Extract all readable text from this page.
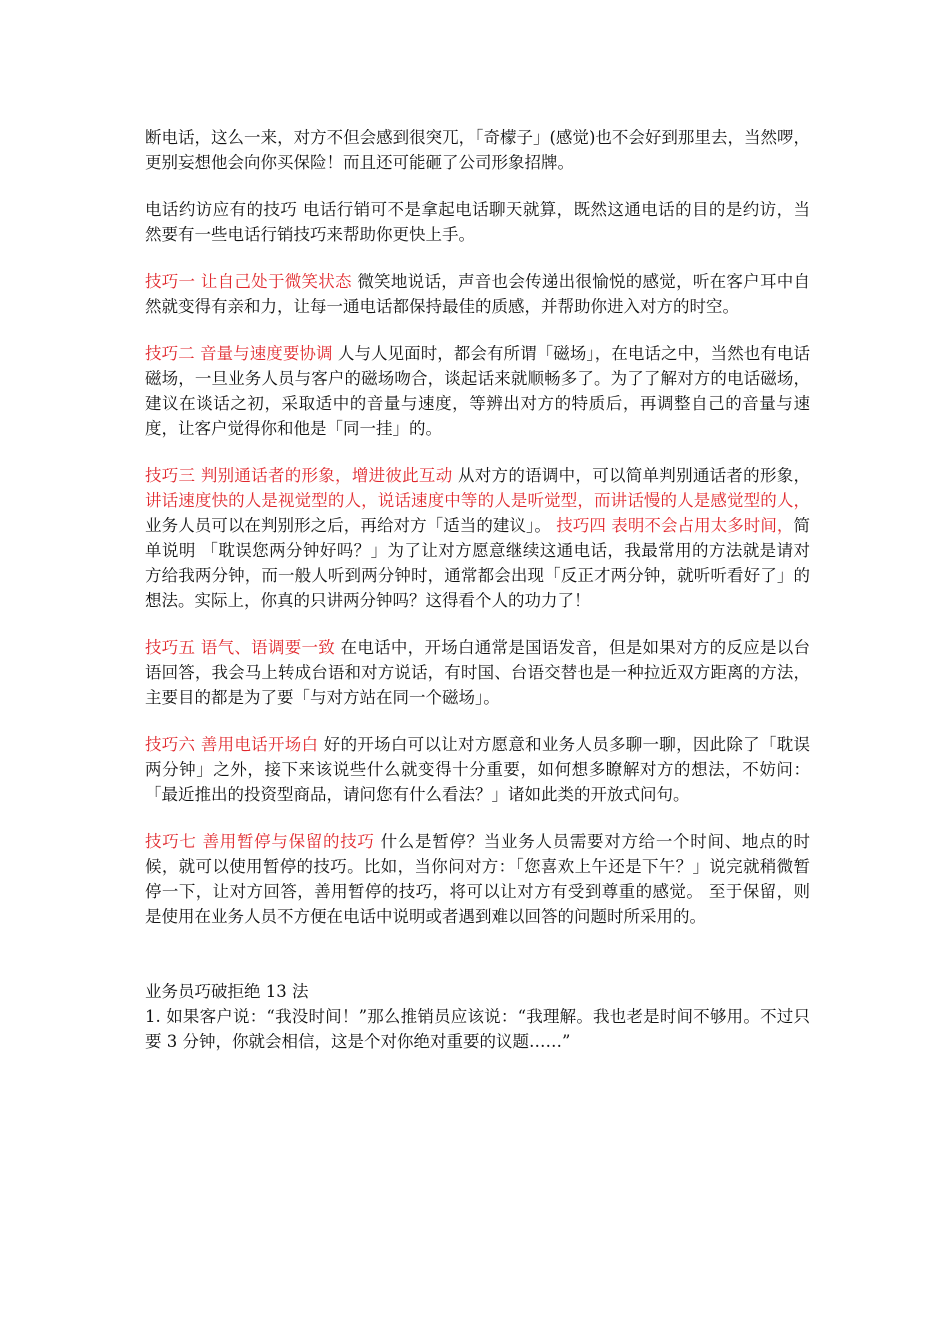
断电话，这么一来，对方不但会感到很突兀，「奇檬子」(感觉)也不会好到那里去，当然啰，更别妄想他会向你买保险！而且还可能砸了公司形象招牌。

电话约访应有的技巧 电话行销可不是拿起电话聊天就算，既然这通电话的目的是约访，当然要有一些电话行销技巧来帮助你更快上手。

技巧一 让自己处于微笑状态 微笑地说话，声音也会传递出很愉悦的感觉，听在客户耳中自然就变得有亲和力，让每一通电话都保持最佳的质感，并帮助你进入对方的时空。

技巧二 音量与速度要协调 人与人见面时，都会有所谓「磁场」，在电话之中，当然也有电话磁场，一旦业务人员与客户的磁场吻合，谈起话来就顺畅多了。为了了解对方的电话磁场，建议在谈话之初，采取适中的音量与速度，等辨出对方的特质后，再调整自己的音量与速度，让客户觉得你和他是「同一挂」的。

技巧三 判别通话者的形象，增进彼此互动 从对方的语调中，可以简单判别通话者的形象，讲话速度快的人是视觉型的人，说话速度中等的人是听觉型，而讲话慢的人是感觉型的人，业务人员可以在判别形之后，再给对方「适当的建议」。 技巧四 表明不会占用太多时间，简单说明 「耽误您两分钟好吗？」为了让对方愿意继续这通电话，我最常用的方法就是请对方给我两分钟，而一般人听到两分钟时，通常都会出现「反正才两分钟，就听听看好了」的想法。实际上，你真的只讲两分钟吗？这得看个人的功力了！

技巧五 语气、语调要一致 在电话中，开场白通常是国语发音，但是如果对方的反应是以台语回答，我会马上转成台语和对方说话，有时国、台语交替也是一种拉近双方距离的方法，主要目的都是为了要「与对方站在同一个磁场」。

技巧六 善用电话开场白 好的开场白可以让对方愿意和业务人员多聊一聊，因此除了「耽误两分钟」之外，接下来该说些什么就变得十分重要，如何想多瞭解对方的想法，不妨问：「最近推出的投资型商品，请问您有什么看法？」诸如此类的开放式问句。

技巧七 善用暂停与保留的技巧 什么是暂停？当业务人员需要对方给一个时间、地点的时候，就可以使用暂停的技巧。比如，当你问对方：「您喜欢上午还是下午？」说完就稍微暂停一下，让对方回答，善用暂停的技巧，将可以让对方有受到尊重的感觉。 至于保留，则是使用在业务人员不方便在电话中说明或者遇到难以回答的问题时所采用的。

业务员巧破拒绝 13 法

1. 如果客户说：“我没时间！”那么推销员应该说：“我理解。我也老是时间不够用。不过只要 3 分钟，你就会相信，这是个对你绝对重要的议题……”
